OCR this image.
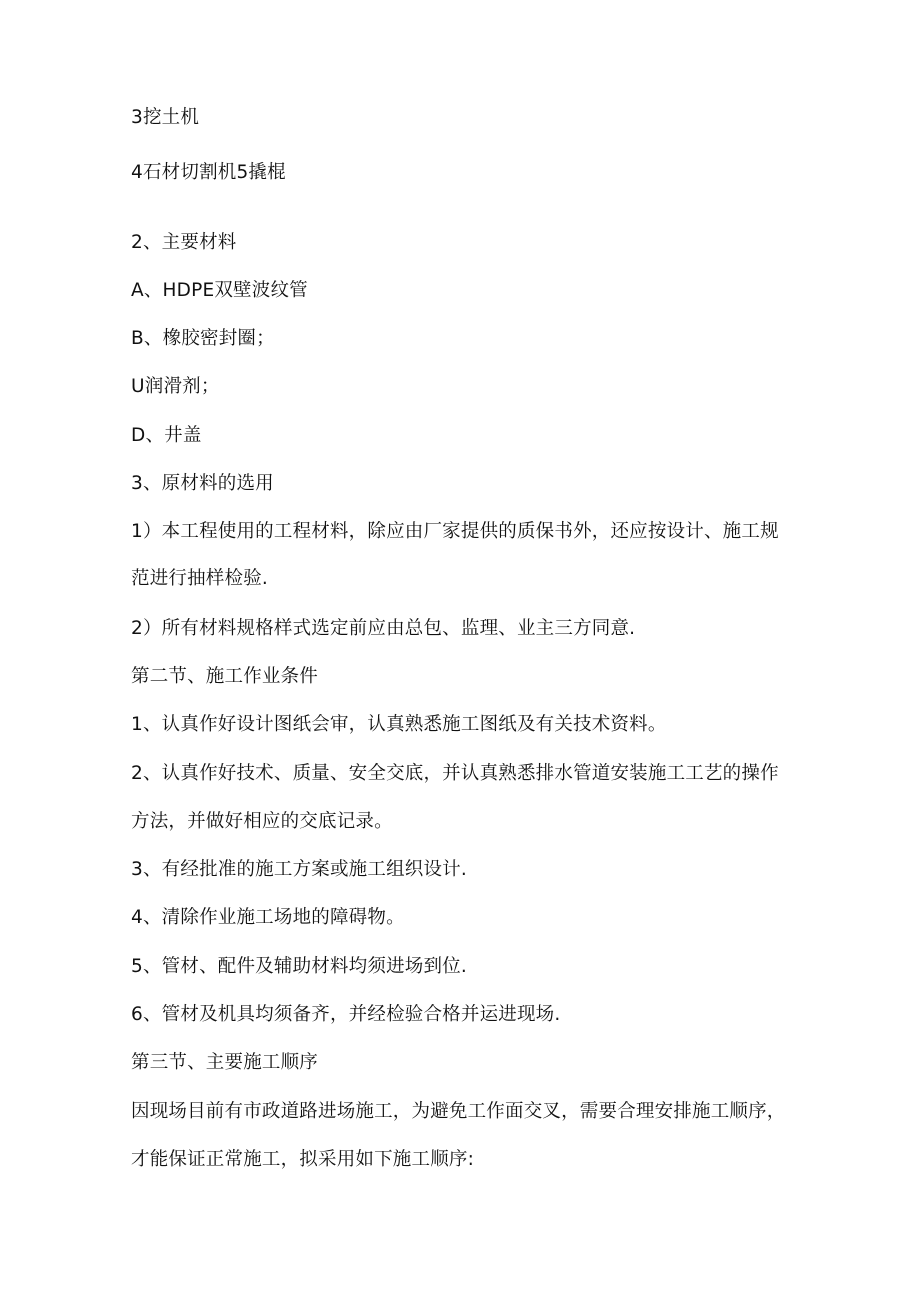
3挖土机
4石材切割机5撬棍
2、主要材料
A、HDPE双壁波纹管
B、橡胶密封圈；
U润滑剂；
D、井盖
3、原材料的选用
1）本工程使用的工程材料，除应由厂家提供的质保书外，还应按设计、施工规
范进行抽样检验.
2）所有材料规格样式选定前应由总包、监理、业主三方同意.
第二节、施工作业条件
1、认真作好设计图纸会审，认真熟悉施工图纸及有关技术资料。
2、认真作好技术、质量、安全交底，并认真熟悉排水管道安装施工工艺的操作
方法，并做好相应的交底记录。
3、有经批准的施工方案或施工组织设计.
4、清除作业施工场地的障碍物。
5、管材、配件及辅助材料均须进场到位.
6、管材及机具均须备齐，并经检验合格并运进现场.
第三节、主要施工顺序
因现场目前有市政道路进场施工，为避免工作面交叉，需要合理安排施工顺序，
才能保证正常施工，拟采用如下施工顺序:
